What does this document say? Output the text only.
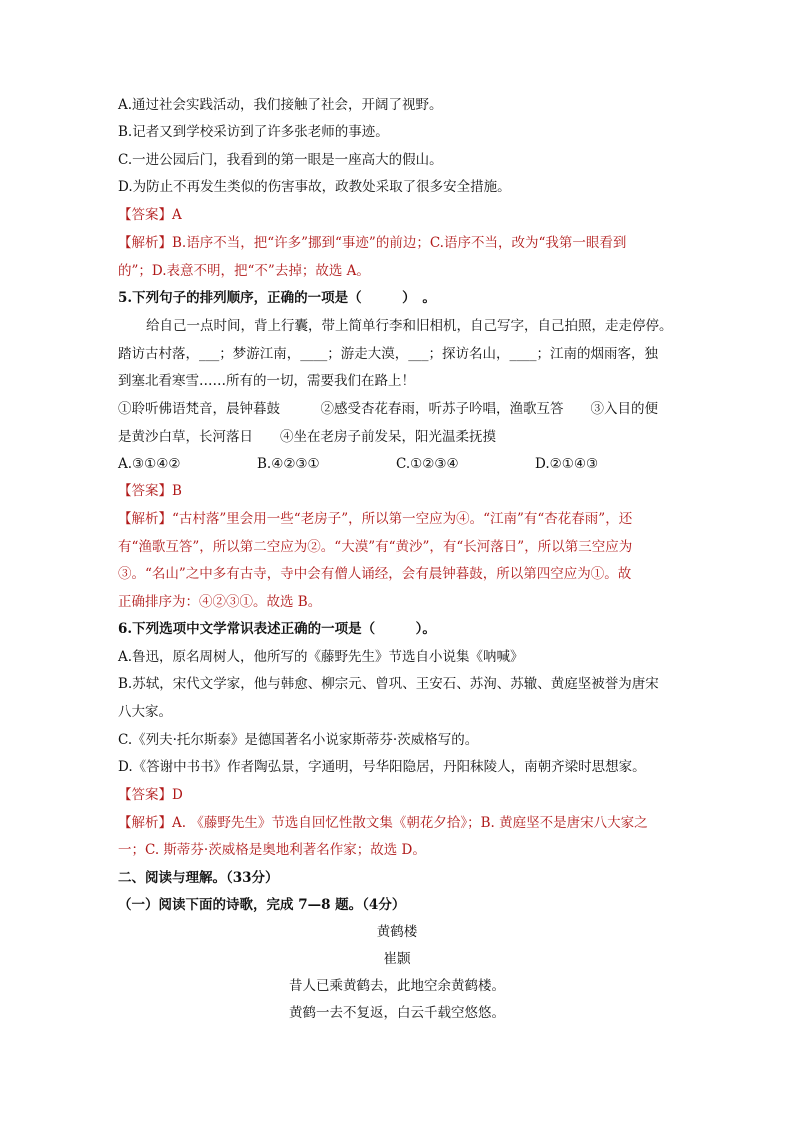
A.通过社会实践活动，我们接触了社会，开阔了视野。
B.记者又到学校采访到了许多张老师的事迹。
C.一进公园后门，我看到的第一眼是一座高大的假山。
D.为防止不再发生类似的伤害事故，政教处采取了很多安全措施。
【答案】A
【解析】B.语序不当，把“许多”挪到“事迹”的前边；C.语序不当，改为“我第一眼看到
的”；D.表意不明，把“不”去掉；故选 A。
5.下列句子的排列顺序，正确的一项是（　　　）　。
给自己一点时间，背上行囊，带上简单行李和旧相机，自己写字，自己拍照，走走停停。
踏访古村落，___；梦游江南，____；游走大漠，___；探访名山，____；江南的烟雨客，独
到塞北看寒雪……所有的一切，需要我们在路上！
①聆听佛语梵音，晨钟暮鼓　　　②感受杏花春雨，听苏子吟唱，渔歌互答　　③入目的便
是黄沙白草，长河落日　　④坐在老房子前发呆，阳光温柔抚摸
A.③①④②	B.④②③①	C.①②③④	D.②①④③
【答案】B
【解析】“古村落”里会用一些“老房子”，所以第一空应为④。“江南”有“杏花春雨”，还
有“渔歌互答”，所以第二空应为②。“大漠”有“黄沙”，有“长河落日”，所以第三空应为
③。“名山”之中多有古寺，寺中会有僧人诵经，会有晨钟暮鼓，所以第四空应为①。故
正确排序为：④②③①。故选 B。
6.下列选项中文学常识表述正确的一项是（　　　）。
A.鲁迅，原名周树人，他所写的《藤野先生》节选自小说集《呐喊》
B.苏轼，宋代文学家，他与韩愈、柳宗元、曾巩、王安石、苏洵、苏辙、黄庭坚被誉为唐宋
八大家。
C.《列夫·托尔斯泰》是德国著名小说家斯蒂芬·茨威格写的。
D.《答谢中书书》作者陶弘景，字通明，号华阳隐居，丹阳秣陵人，南朝齐梁时思想家。
【答案】D
【解析】A. 《藤野先生》节选自回忆性散文集《朝花夕拾》；B. 黄庭坚不是唐宋八大家之
一；C. 斯蒂芬·茨威格是奥地利著名作家；故选 D。
二、阅读与理解。（33分）
（一）阅读下面的诗歌，完成 7—8 题。（4分）
黄鹤楼
崔颢
昔人已乘黄鹤去，此地空余黄鹤楼。
黄鹤一去不复返，白云千载空悠悠。
